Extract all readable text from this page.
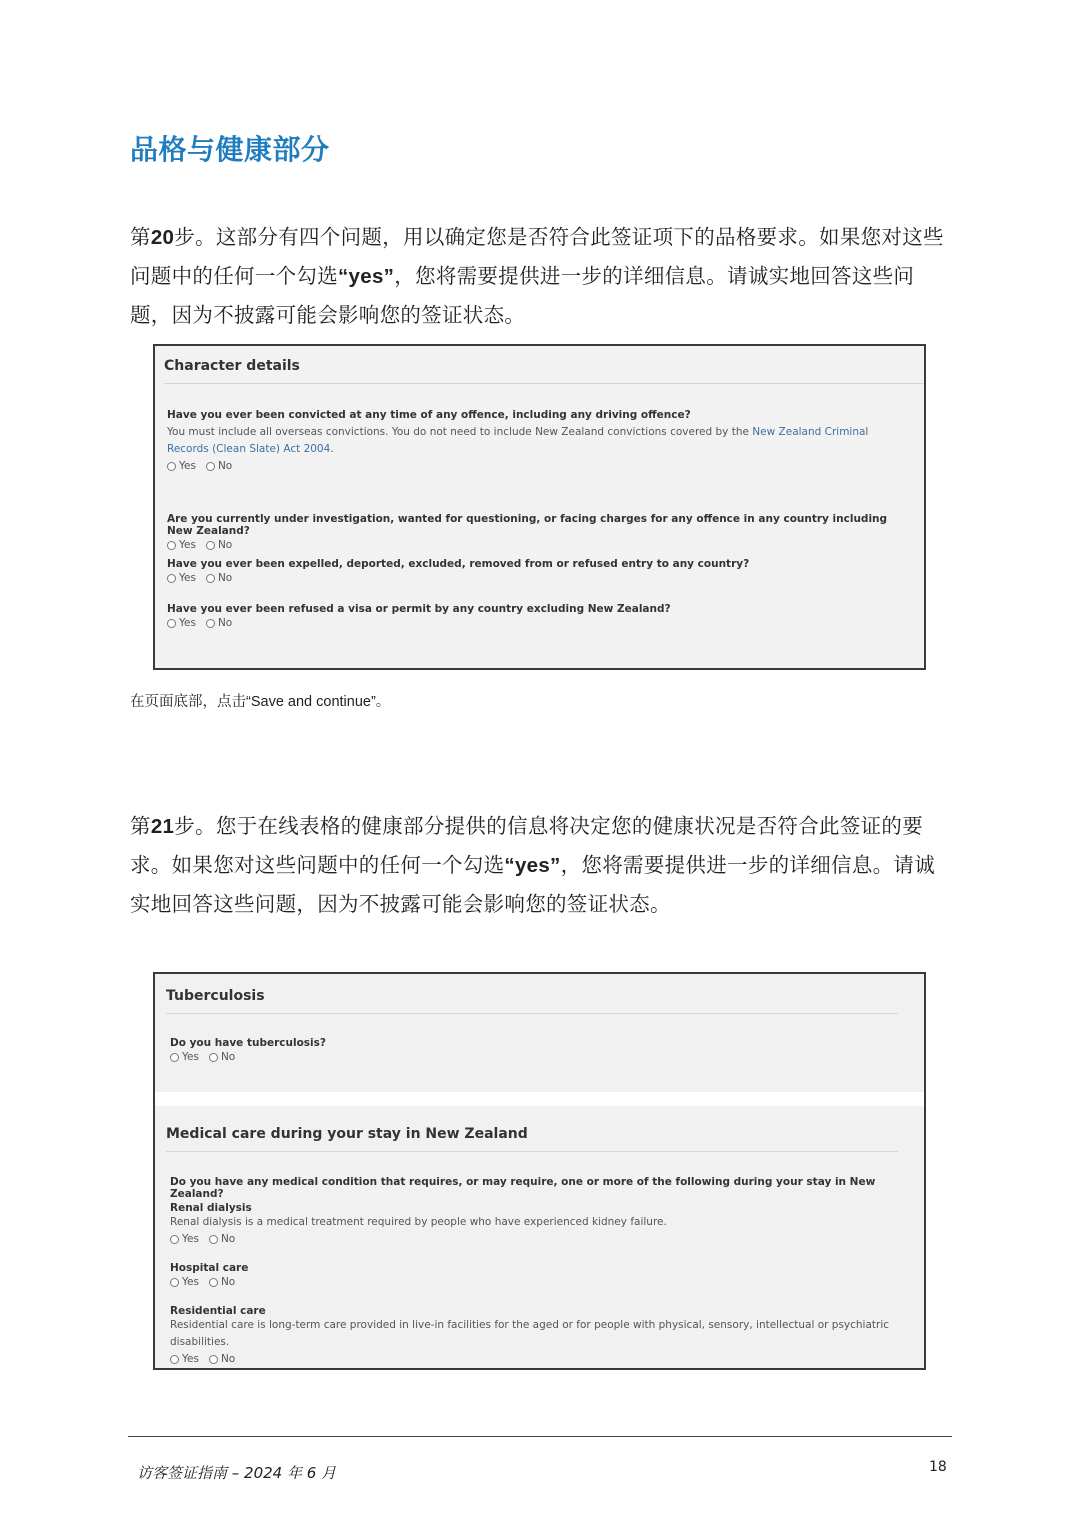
品格与健康部分
第20步。这部分有四个问题，用以确定您是否符合此签证项下的品格要求。如果您对这些问题中的任何一个勾选“yes”，您将需要提供进一步的详细信息。请诚实地回答这些问题，因为不披露可能会影响您的签证状态。
Character details
Have you ever been convicted at any time of any offence, including any driving offence?
You must include all overseas convictions. You do not need to include New Zealand convictions covered by the New Zealand Criminal Records (Clean Slate) Act 2004.
Yes No
Are you currently under investigation, wanted for questioning, or facing charges for any offence in any country including New Zealand?
Yes No
Have you ever been expelled, deported, excluded, removed from or refused entry to any country?
Yes No
Have you ever been refused a visa or permit by any country excluding New Zealand?
Yes No
在页面底部，点击“Save and continue”。
第21步。您于在线表格的健康部分提供的信息将决定您的健康状况是否符合此签证的要求。如果您对这些问题中的任何一个勾选“yes”，您将需要提供进一步的详细信息。请诚实地回答这些问题，因为不披露可能会影响您的签证状态。
Tuberculosis
Do you have tuberculosis?
Yes No
Medical care during your stay in New Zealand
Do you have any medical condition that requires, or may require, one or more of the following during your stay in New Zealand?
Renal dialysis
Renal dialysis is a medical treatment required by people who have experienced kidney failure.
Yes No
Hospital care
Yes No
Residential care
Residential care is long-term care provided in live-in facilities for the aged or for people with physical, sensory, intellectual or psychiatric disabilities.
Yes No
访客签证指南 – 2024 年 6 月	18
